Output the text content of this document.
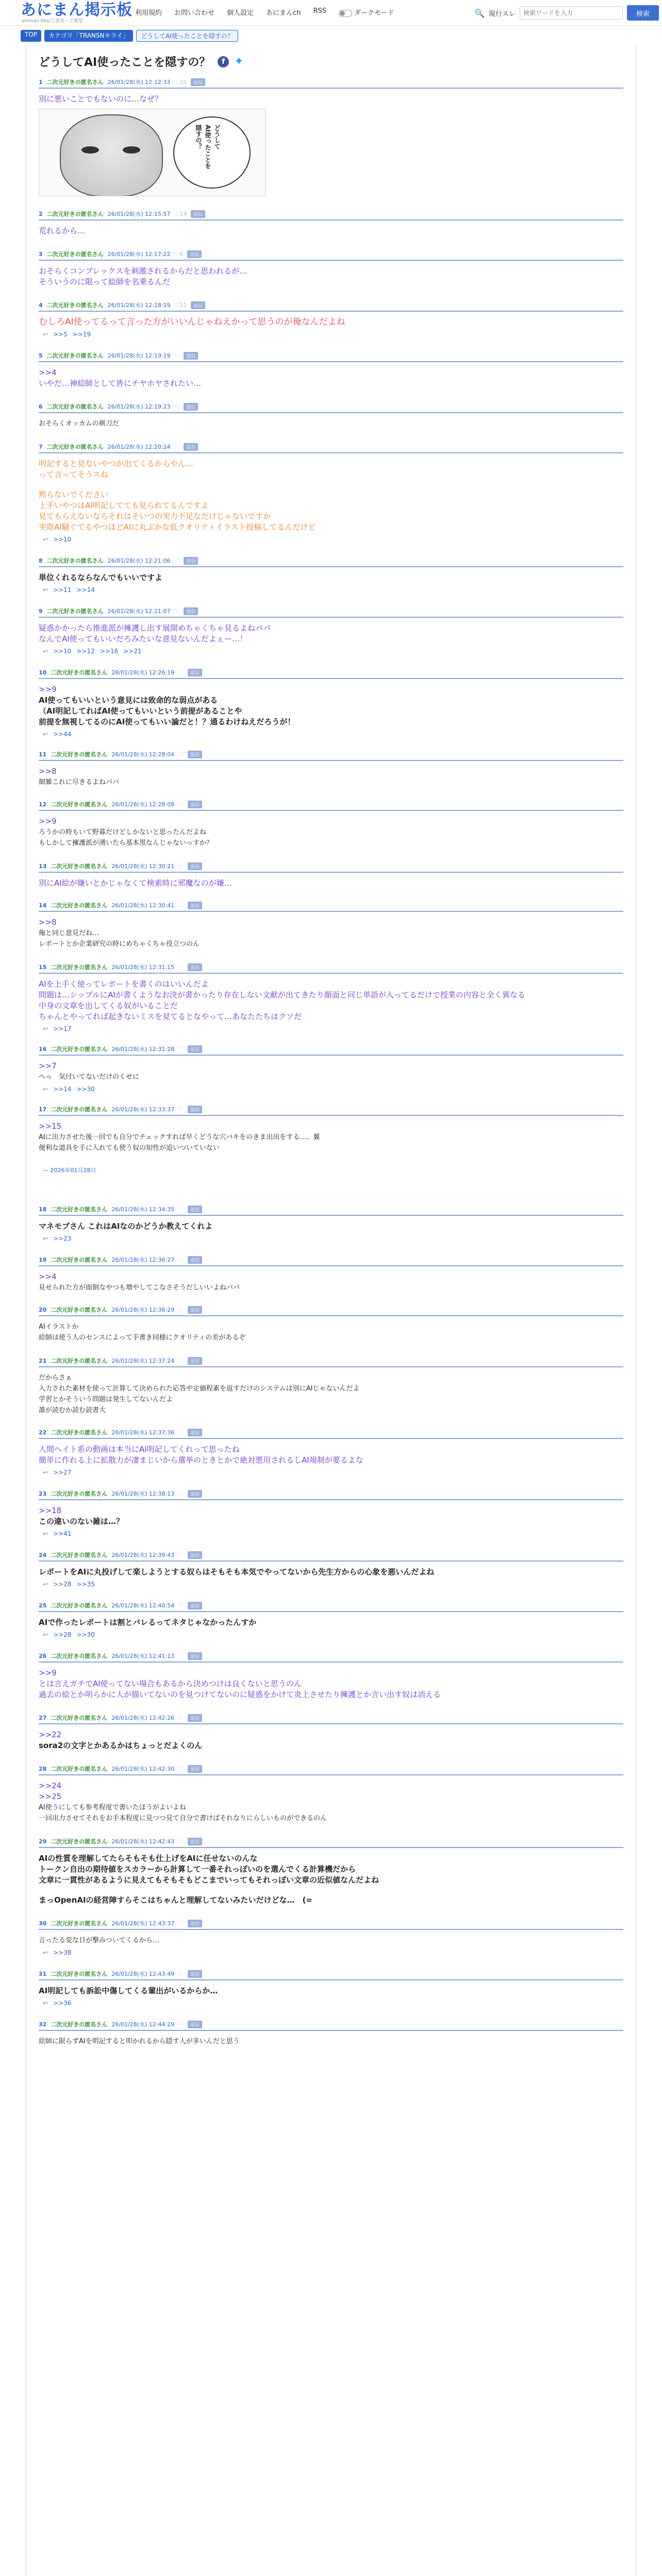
あにまん掲示板
animan bbs/ご意見・ご要望
利用規約 お問い合わせ 個人設定 あにまんch RSS	ダークモード	🔍 現行スレ
検索ワードを入力	検索
TOP	カテゴリ「TRANSNキライ」	どうしてAI使ったことを隠すの？
どうしてAI使ったことを隠すの？	f ✦
1 二次元好きの匿名さん 26/01/28(水) 12:12:33 ♡10	返信
別に悪いことでもないのに…なぜ？
どうして
AI使ったことを
隠すの？
2 二次元好きの匿名さん 26/01/28(水) 12:15:57 ♡14	返信
荒れるから…
3 二次元好きの匿名さん 26/01/28(水) 12:17:22 ♡6	返信
おそらくコンプレックスを刺激されるからだと思われるが…
そういうのに限って絵師を名乗るんだ
4 二次元好きの匿名さん 26/01/28(水) 12:18:19 ♡12	返信
むしろAI使ってるって言った方がいいんじゃねえかって思うのが俺なんだよね
↩ >>5 >>19
5 二次元好きの匿名さん 26/01/28(水) 12:19:19 ♡	返信
>>4
いやだ…神絵師として皆にチヤホヤされたい…
6 二次元好きの匿名さん 26/01/28(水) 12:19:23 ♡	返信
おそらくオッカムの剃刀だ
7 二次元好きの匿名さん 26/01/28(水) 12:20:24 ♡	返信
明記すると見ないやつが出てくるからやん…
って言ってそうスね
黙らないでください
上手いやつはAI明記してても見られてるんですよ
見てもらえないならそれはそいつの実力不足なだけじゃないですか
実際AI騒ぐてるやつほどAIに丸ぶかな低クオリティイラスト投稿してるんだけど
↩ >>10
8 二次元好きの匿名さん 26/01/28(水) 12:21:06 ♡	返信
単位くれるならなんでもいいですよ
↩ >>11 >>14
9 二次元好きの匿名さん 26/01/28(水) 12:21:07 ♡	返信
疑惑かかったら推進派が擁護し出す展開めちゃくちゃ見るよねパパ
なんでAI使ってもいいだろみたいな意見ないんだよぇー…！
↩ >>10 >>12 >>16 >>21
10 二次元好きの匿名さん 26/01/28(水) 12:26:19 ♡	返信
>>9
AI使ってもいいという意見には致命的な弱点がある
（AI明記してればAI使ってもいいという前提があることや
前提を無視してるのにAI使ってもいい論だと！？通るわけねえだろうが！
↩ >>44
11 二次元好きの匿名さん 26/01/28(水) 12:28:04 ♡	返信
>>8
細雑これに尽きるよねパパ
12 二次元好きの匿名さん 26/01/28(水) 12:28:09 ♡	返信
>>9
ろうかの時もいて野暮だけどしかないと思ったんだよね
もしかして擁護派が湧いたら基本黒なんじゃないっすか？
13 二次元好きの匿名さん 26/01/28(水) 12:30:21 ♡	返信
別にAI絵が嫌いとかじゃなくて検索時に邪魔なのが嫌…
14 二次元好きの匿名さん 26/01/28(水) 12:30:41 ♡	返信
>>8
俺と同じ意見だね…
レポートとか企業研究の時にめちゃくちゃ役立つのん
15 二次元好きの匿名さん 26/01/28(水) 12:31:15 ♡	返信
AIを上手く使ってレポートを書くのはいいんだよ
問題は…シップルにAIが書くようなお決が書かったり存在しない文献が出てきたり顔面と同じ単語が入ってるだけで授業の内容と全く異なる
中身の文章を出してくる奴がいることだ
ちゃんとやってれば起きないミスを見てるとなやって…あなたたちはクソだ
↩ >>17
16 二次元好きの匿名さん 26/01/28(水) 12:31:28 ♡	返信
>>7
へっ　気付いてないだけのくせに
↩ >>14 >>30
17 二次元好きの匿名さん 26/01/28(水) 12:33:37 ♡	返信
>>15
AIに出力させた後一回でも自分でチェックすれば早くどうな穴バキをのきま出出をする…、翼
便利な道具を手に入れても使う奴の知性が追いついていない
— 2026年01月28日
18 二次元好きの匿名さん 26/01/28(水) 12:34:35 ♡	返信
マネモブさん これはAIなのかどうか教えてくれよ
↩ >>23
19 二次元好きの匿名さん 26/01/28(水) 12:36:27 ♡	返信
>>4
見せられた方が面倒なやつも増やしてこなさそうだしいいよねパパ
20 二次元好きの匿名さん 26/01/28(水) 12:36:29 ♡	返信
AIイラストか
絵師は使う人のセンスによって手書き同様にクオリティの差があるぞ
21 二次元好きの匿名さん 26/01/28(水) 12:37:24 ♡	返信
だからさぁ
入力された素材を使って計算して決められた応答や定価程素を返すだけのシステムは別にAIじゃないんだよ
学習とかそういう問題は発生してないんだよ
誰が読むか読む読書大
22 二次元好きの匿名さん 26/01/28(水) 12:37:36 ♡	返信
人間へイト系の動画は本当にAI明記してくれって思ったね
簡単に作れる上に拡散力が凄まじいから選挙のときとかで絶対悪用されるしAI規制が要るよな
↩ >>27
23 二次元好きの匿名さん 26/01/28(水) 12:38:13 ♡	返信
>>18
この違いのない雑は…？
↩ >>41
24 二次元好きの匿名さん 26/01/28(水) 12:39:43 ♡	返信
レポートをAIに丸投げして楽しようとする奴らはそもそも本気でやってないから先生方からの心象を悪いんだよね
↩ >>28 >>35
25 二次元好きの匿名さん 26/01/28(水) 12:40:54 ♡	返信
AIで作ったレポートは割とバレるってネタじゃなかったんすか
↩ >>28 >>30
26 二次元好きの匿名さん 26/01/28(水) 12:41:13 ♡	返信
>>9
とは言えガチでAI使ってない場合もあるから決めつけは良くないと思うのん
過去の絵とか明らかに人が描いてないのを見つけてないのに疑惑をかけて炎上させたり擁護とか言い出す奴は消える
27 二次元好きの匿名さん 26/01/28(水) 12:42:26 ♡	返信
>>22
sora2の文字とかあるかはちょっとだよくのん
28 二次元好きの匿名さん 26/01/28(水) 12:42:30 ♡	返信
>>24
>>25
AI使うにしても参考程度で書いたほうがよいよね
一回出力させてそれをお手本程度に見つつ見て自分で書けばそれなりにらしいものができるのん
29 二次元好きの匿名さん 26/01/28(水) 12:42:43 ♡	返信
AIの性質を理解してたらそもそも仕上げをAIに任せないのんな
トークン自出の期待値をスカラーから計算して一番それっぽいのを選んでくる計算機だから
文章に一貫性があるように見えてもそもそもどこまでいってもそれっぽい文章の近似値なんだよね
まっOpenAIの経営陣すらそこはちゃんと理解してないみたいだけどな…　(=
30 二次元好きの匿名さん 26/01/28(水) 12:43:37 ♡	返信
言ったる変な目が撃みついてくるから…
↩ >>38
31 二次元好きの匿名さん 26/01/28(水) 12:43:49 ♡	返信
AI明記しても訴訟中傷してくる輩出がいるからか…
↩ >>36
32 二次元好きの匿名さん 26/01/28(水) 12:44:29 ♡	返信
絵師に限らずAIを明記すると叩かれるから隠す人が多いんだと思う
